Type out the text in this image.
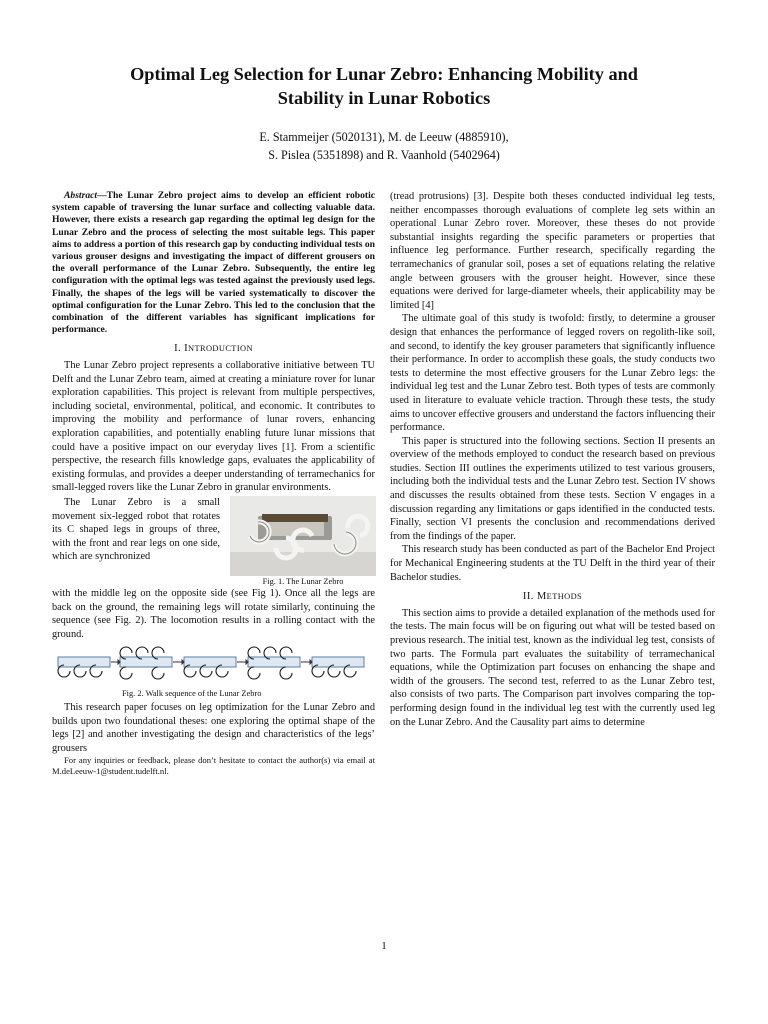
Optimal Leg Selection for Lunar Zebro: Enhancing Mobility and
Stability in Lunar Robotics
E. Stammeijer (5020131), M. de Leeuw (4885910),
S. Pislea (5351898) and R. Vaanhold (5402964)

Abstract—The Lunar Zebro project aims to develop an efficient robotic system capable of traversing the lunar surface and collecting valuable data. However, there exists a research gap regarding the optimal leg design for the Lunar Zebro and the process of selecting the most suitable legs. This paper aims to address a portion of this research gap by conducting individual tests on various grouser designs and investigating the impact of different grousers on the overall performance of the Lunar Zebro. Subsequently, the entire leg configuration with the optimal legs was tested against the previously used legs. Finally, the shapes of the legs will be varied systematically to discover the optimal configuration for the Lunar Zebro. This led to the conclusion that the combination of the different variables has significant implications for performance.

I. INTRODUCTION

The Lunar Zebro project represents a collaborative initiative between TU Delft and the Lunar Zebro team, aimed at creating a miniature rover for lunar exploration capabilities. This project is relevant from multiple perspectives, including societal, environmental, political, and economic. It contributes to improving the mobility and performance of lunar rovers, enhancing exploration capabilities, and potentially enabling future lunar missions that could have a positive impact on our everyday lives [1]. From a scientific perspective, the research fills knowledge gaps, evaluates the applicability of existing formulas, and provides a deeper understanding of terramechanics for small-legged rovers like the Lunar Zebro in granular environments.

The Lunar Zebro is a small movement six-legged robot that rotates its C shaped legs in groups of three, with the front and rear legs on one side, which are synchronized

Fig. 1. The Lunar Zebro

with the middle leg on the opposite side (see Fig 1). Once all the legs are back on the ground, the remaining legs will rotate similarly, continuing the sequence (see Fig. 2). The locomotion results in a rolling contact with the ground.

Fig. 2. Walk sequence of the Lunar Zebro

This research paper focuses on leg optimization for the Lunar Zebro and builds upon two foundational theses: one exploring the optimal shape of the legs [2] and another investigating the design and characteristics of the legs’ grousers

For any inquiries or feedback, please don’t hesitate to contact the author(s) via email at M.deLeeuw-1@student.tudelft.nl.

(tread protrusions) [3]. Despite both theses conducted individual leg tests, neither encompasses thorough evaluations of complete leg sets within an operational Lunar Zebro rover. Moreover, these theses do not provide substantial insights regarding the specific parameters or properties that influence leg performance. Further research, specifically regarding the terramechanics of granular soil, poses a set of equations relating the relative angle between grousers with the grouser height. However, since these equations were derived for large-diameter wheels, their applicability may be limited [4]

The ultimate goal of this study is twofold: firstly, to determine a grouser design that enhances the performance of legged rovers on regolith-like soil, and second, to identify the key grouser parameters that significantly influence their performance. In order to accomplish these goals, the study conducts two tests to determine the most effective grousers for the Lunar Zebro legs: the individual leg test and the Lunar Zebro test. Both types of tests are commonly used in literature to evaluate vehicle traction. Through these tests, the study aims to uncover effective grousers and understand the factors influencing their performance.

This paper is structured into the following sections. Section II presents an overview of the methods employed to conduct the research based on previous studies. Section III outlines the experiments utilized to test various grousers, including both the individual tests and the Lunar Zebro test. Section IV shows and discusses the results obtained from these tests. Section V engages in a discussion regarding any limitations or gaps identified in the conducted tests. Finally, section VI presents the conclusion and recommendations derived from the findings of the paper.

This research study has been conducted as part of the Bachelor End Project for Mechanical Engineering students at the TU Delft in the third year of their Bachelor studies.

II. METHODS

This section aims to provide a detailed explanation of the methods used for the tests. The main focus will be on figuring out what will be tested based on previous research. The initial test, known as the individual leg test, consists of two parts. The Formula part evaluates the suitability of terramechanical equations, while the Optimization part focuses on enhancing the shape and width of the grousers. The second test, referred to as the Lunar Zebro test, also consists of two parts. The Comparison part involves comparing the top-performing design found in the individual leg test with the currently used leg on the Lunar Zebro. And the Causality part aims to determine

1
